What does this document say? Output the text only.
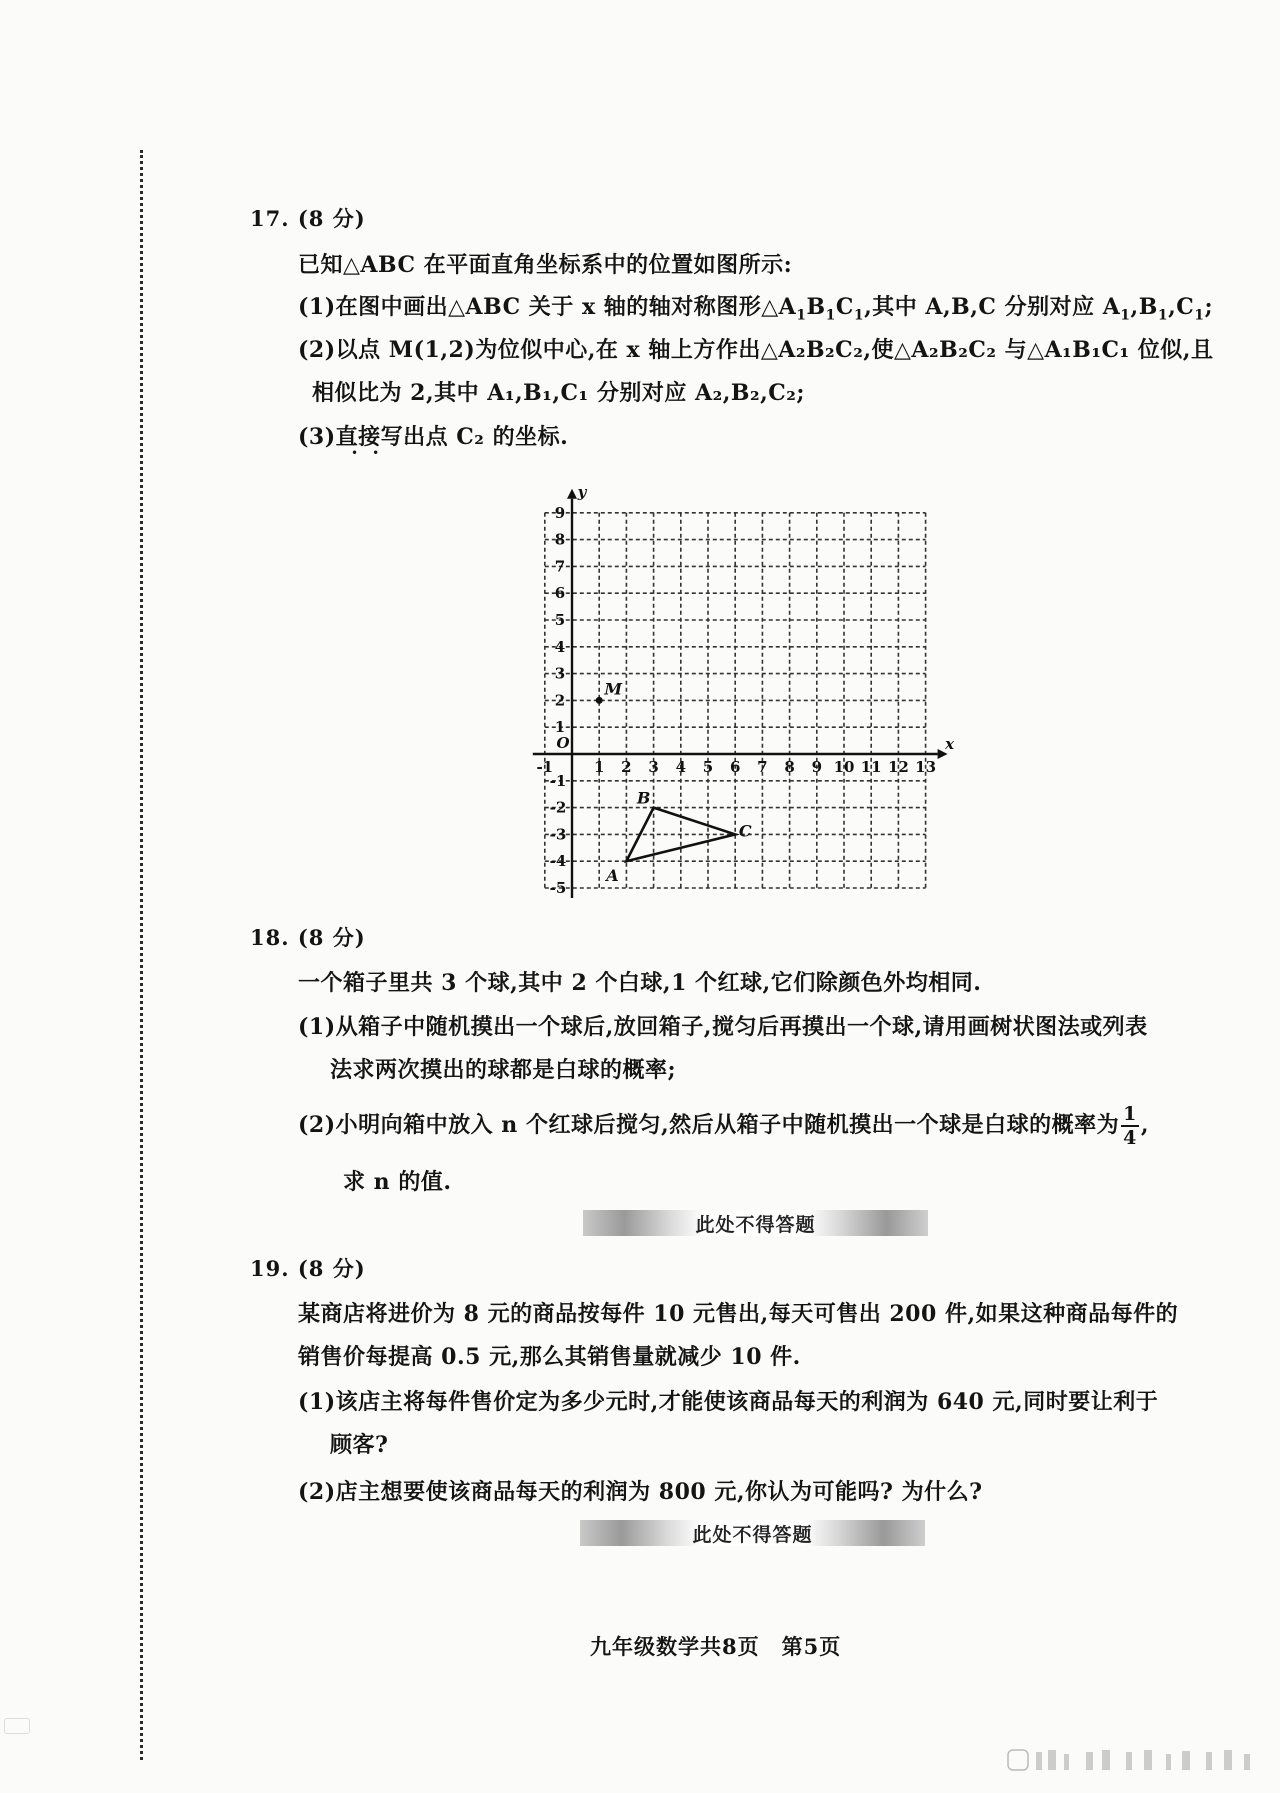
17. (8 分)
已知△ABC 在平面直角坐标系中的位置如图所示:
(1)在图中画出△ABC 关于 x 轴的轴对称图形$\triangle A_1B_1C_1$,其中 A,B,C 分别对应 $A_1,B_1,C_1$;
(2)以点 M(1,2)为位似中心,在 x 轴上方作出△A₂B₂C₂,使△A₂B₂C₂ 与△A₁B₁C₁ 位似,且
相似比为 2,其中 A₁,B₁,C₁ 分别对应 A₂,B₂,C₂;
(3)直接写出点 C₂ 的坐标.
••
-1	1 2 3 4 5 6 7 8 9 10 11 12 13
1
2
3
4
5
6
7
8
9
-1
-2
-3
-4
-5
O	x
y
M
A
B
C
18. (8 分)
一个箱子里共 3 个球,其中 2 个白球,1 个红球,它们除颜色外均相同.
(1)从箱子中随机摸出一个球后,放回箱子,搅匀后再摸出一个球,请用画树状图法或列表
法求两次摸出的球都是白球的概率;
(2)小明向箱中放入 n 个红球后搅匀,然后从箱子中随机摸出一个球是白球的概率为 $\frac{1}{4}$ ,
求 n 的值.
此处不得答题
19. (8 分)
某商店将进价为 8 元的商品按每件 10 元售出,每天可售出 200 件,如果这种商品每件的
销售价每提高 0.5 元,那么其销售量就减少 10 件.
(1)该店主将每件售价定为多少元时,才能使该商品每天的利润为 640 元,同时要让利于
顾客?
(2)店主想要使该商品每天的利润为 800 元,你认为可能吗? 为什么?
此处不得答题
九年级数学共8页 第5页
